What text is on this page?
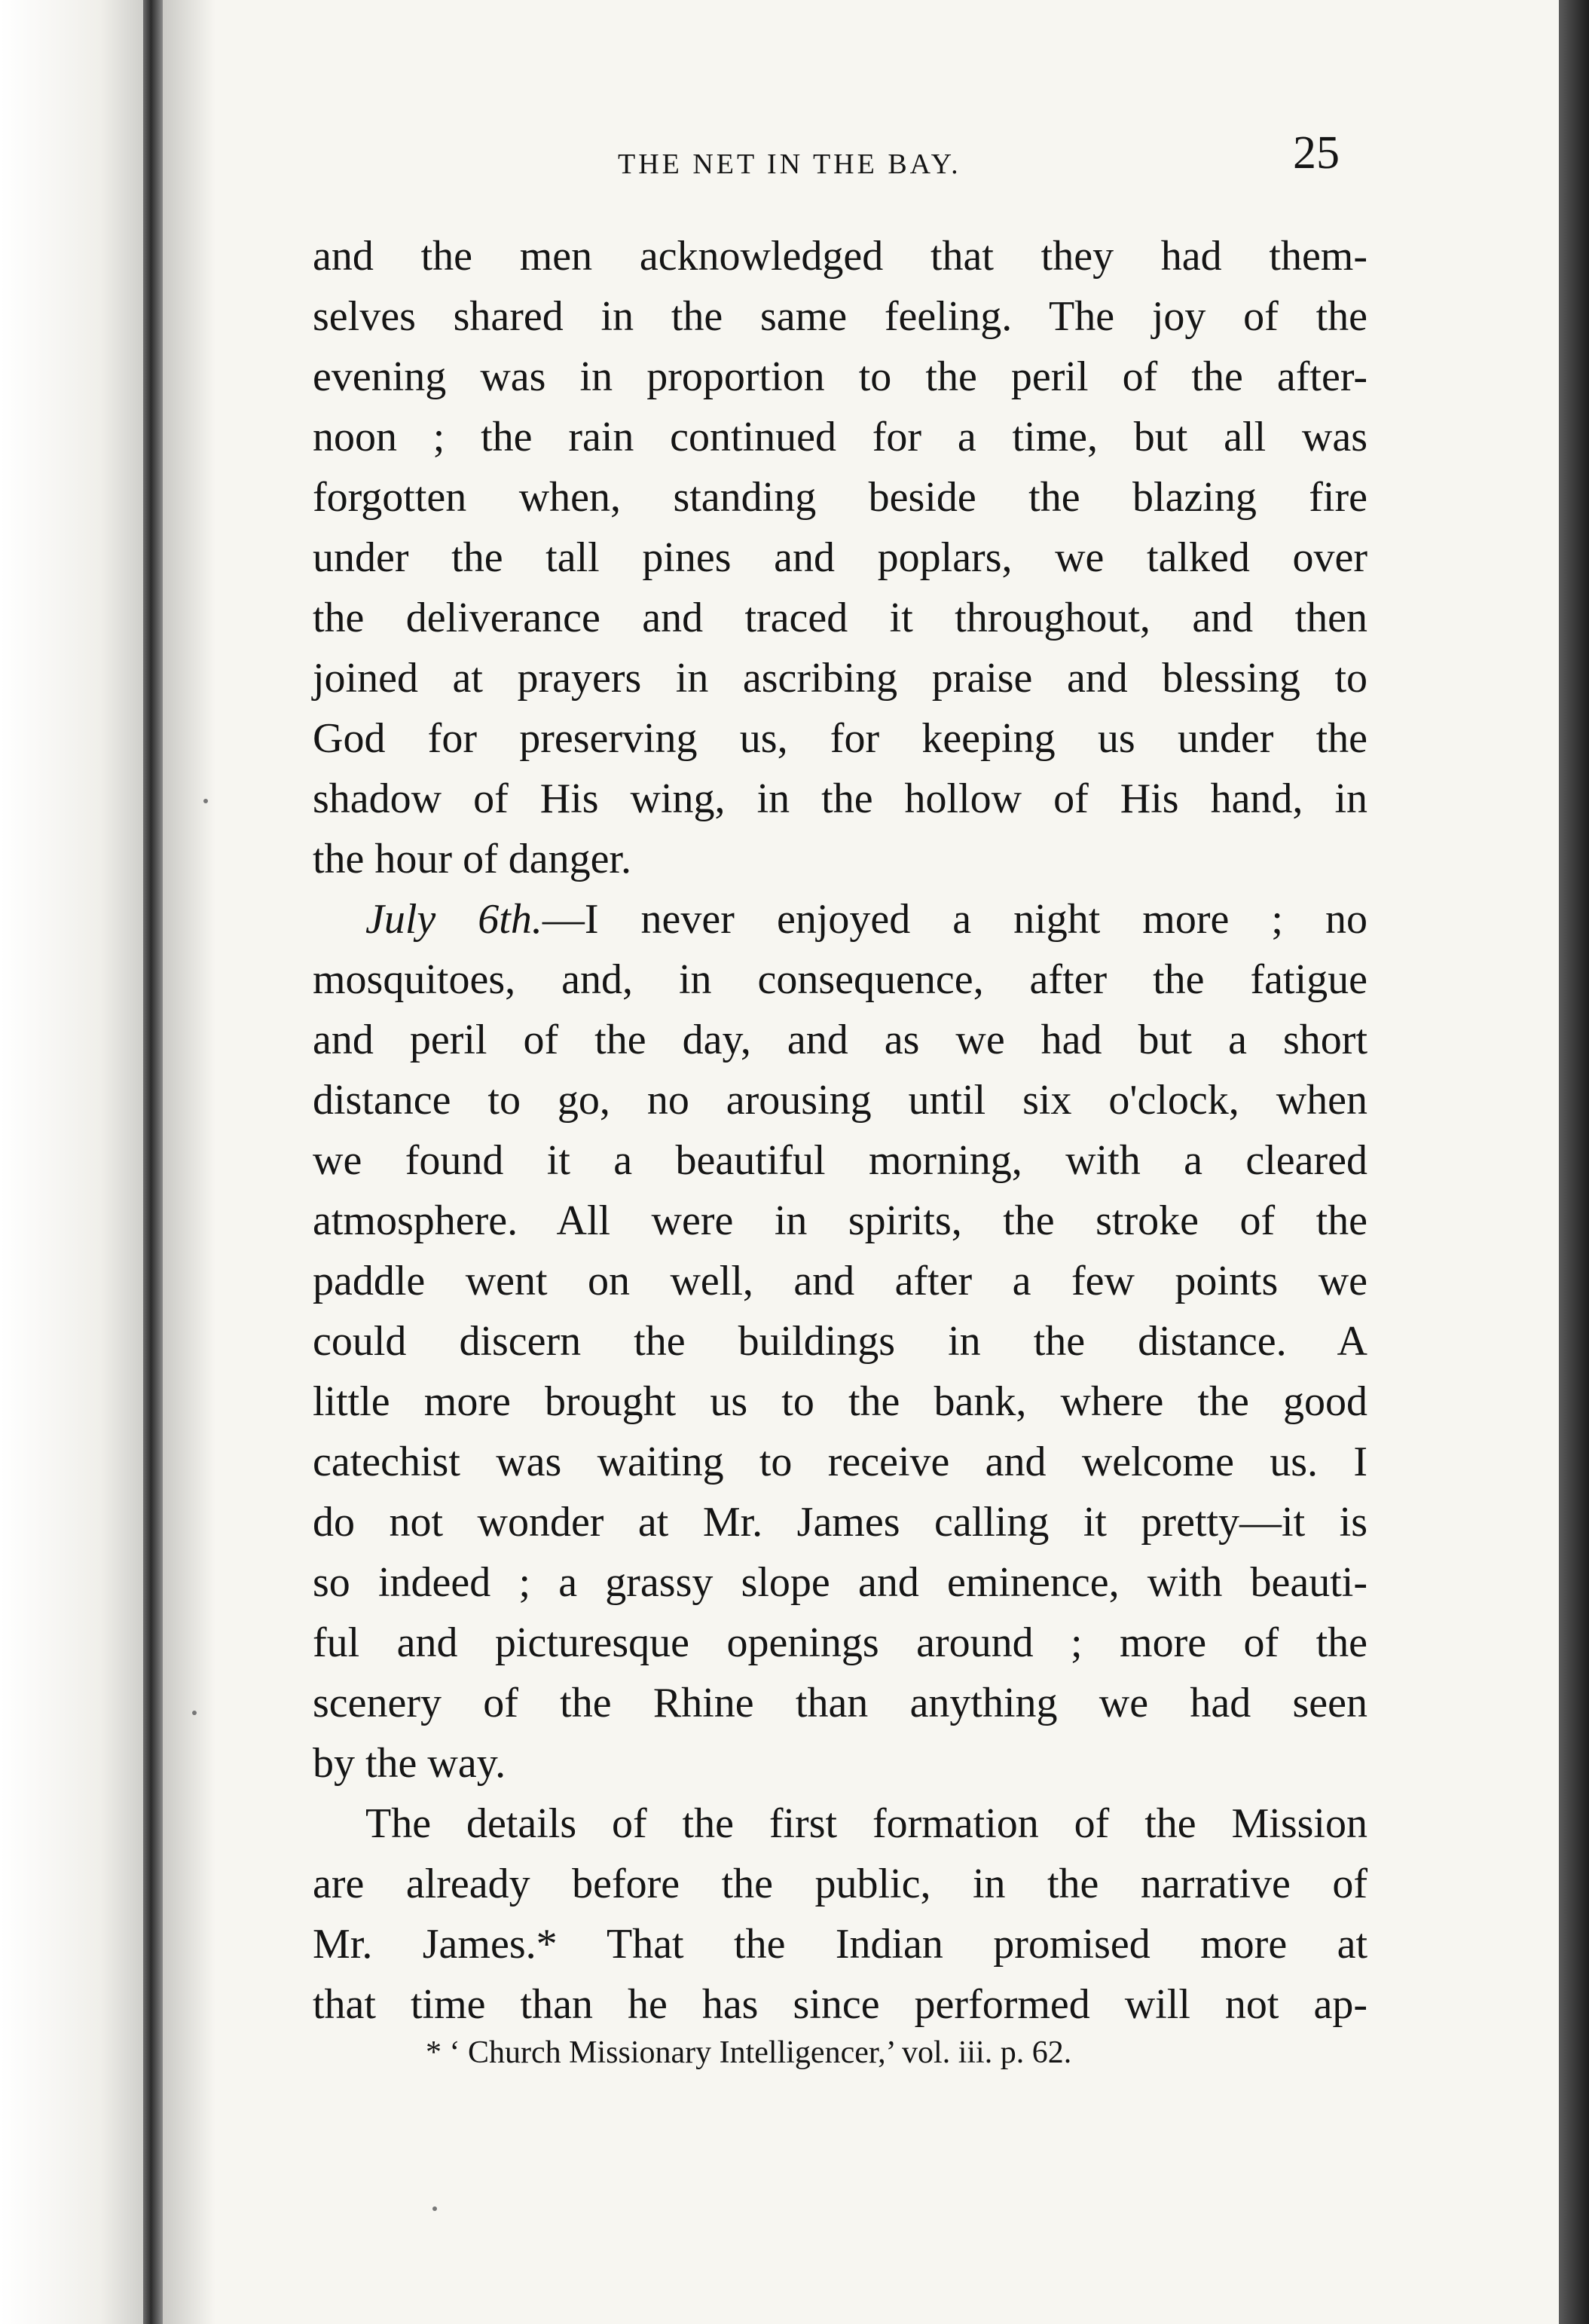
THE NET IN THE BAY.	25

and the men acknowledged that they had them-
selves shared in the same feeling. The joy of the
evening was in proportion to the peril of the after-
noon ; the rain continued for a time, but all was
forgotten when, standing beside the blazing fire
under the tall pines and poplars, we talked over
the deliverance and traced it throughout, and then
joined at prayers in ascribing praise and blessing to
God for preserving us, for keeping us under the
shadow of His wing, in the hollow of His hand, in
the hour of danger.

July 6th.—I never enjoyed a night more ; no
mosquitoes, and, in consequence, after the fatigue
and peril of the day, and as we had but a short
distance to go, no arousing until six o'clock, when
we found it a beautiful morning, with a cleared
atmosphere. All were in spirits, the stroke of the
paddle went on well, and after a few points we
could discern the buildings in the distance. A
little more brought us to the bank, where the good
catechist was waiting to receive and welcome us. I
do not wonder at Mr. James calling it pretty—it is
so indeed ; a grassy slope and eminence, with beauti-
ful and picturesque openings around ; more of the
scenery of the Rhine than anything we had seen
by the way.

The details of the first formation of the Mission
are already before the public, in the narrative of
Mr. James.* That the Indian promised more at
that time than he has since performed will not ap-

* ‘ Church Missionary Intelligencer,’ vol. iii. p. 62.
